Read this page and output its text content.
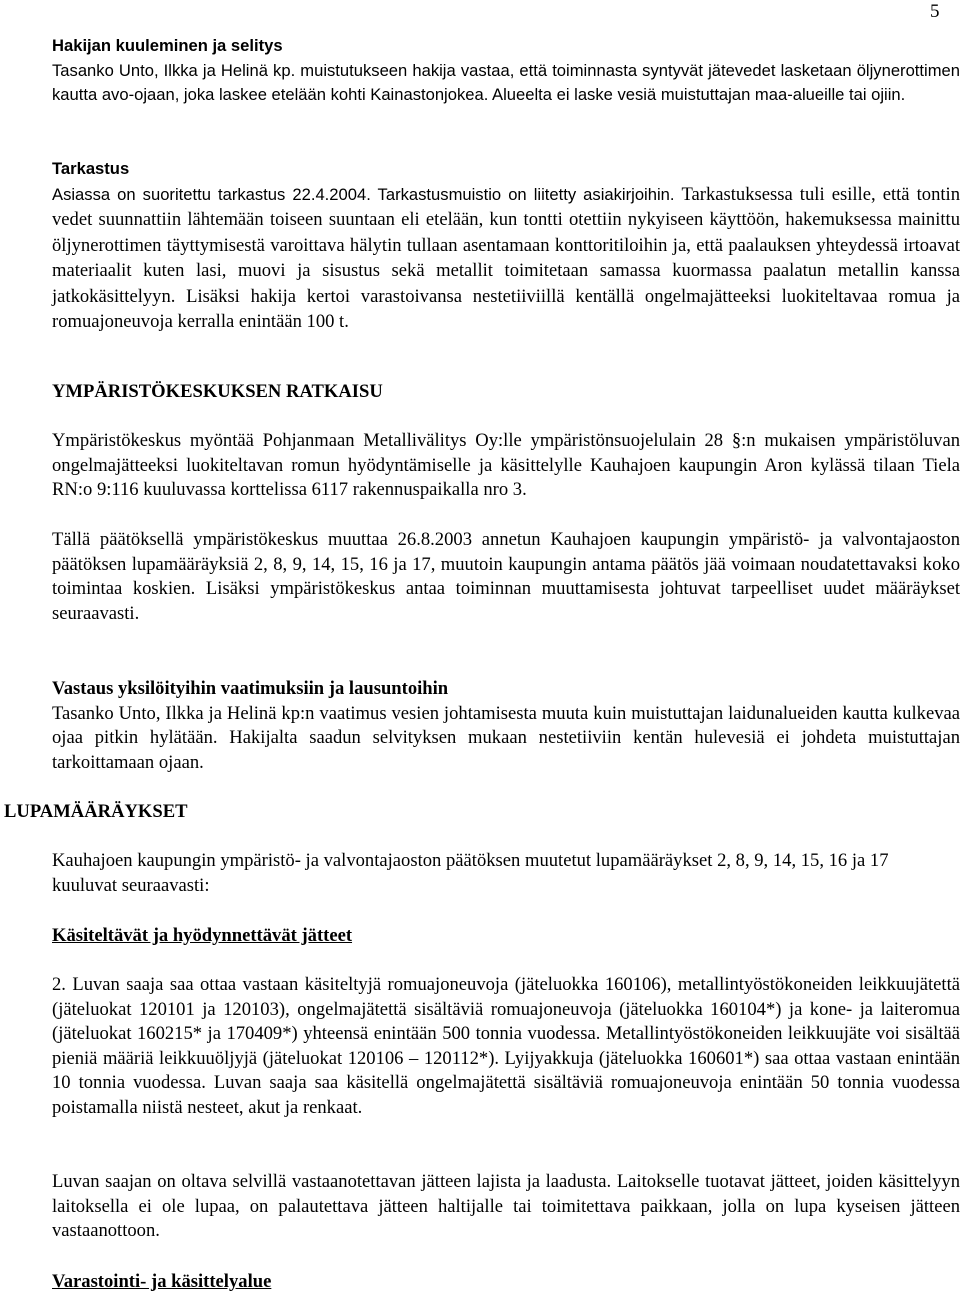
5

Hakijan kuuleminen ja selitys

Tasanko Unto, Ilkka ja Helinä kp. muistutukseen hakija vastaa, että toiminnasta syntyvät jätevedet lasketaan öljynerottimen kautta avo-ojaan, joka laskee etelään kohti Kainastonjokea. Alueelta ei laske vesiä muistuttajan maa-alueille tai ojiin.

Tarkastus

Asiassa on suoritettu tarkastus 22.4.2004. Tarkastusmuistio on liitetty asiakirjoihin. Tarkastuksessa tuli esille, että tontin vedet suunnattiin lähtemään toiseen suuntaan eli etelään, kun tontti otettiin nykyiseen käyttöön, hakemuksessa mainittu öljynerottimen täyttymisestä varoittava hälytin tullaan asentamaan konttoritiloihin ja, että paalauksen yhteydessä irtoavat materiaalit kuten lasi, muovi ja sisustus sekä metallit toimitetaan samassa kuormassa paalatun metallin kanssa jatkokäsittelyyn. Lisäksi hakija kertoi varastoivansa nestetiiviillä kentällä ongelmajätteeksi luokiteltavaa romua ja romuajoneuvoja kerralla enintään 100 t.

YMPÄRISTÖKESKUKSEN RATKAISU

Ympäristökeskus myöntää Pohjanmaan Metallivälitys Oy:lle ympäristönsuojelulain 28 §:n mukaisen ympäristöluvan ongelmajätteeksi luokiteltavan romun hyödyntämiselle ja käsittelylle Kauhajoen kaupungin Aron kylässä tilaan Tiela RN:o 9:116 kuuluvassa korttelissa 6117 rakennuspaikalla nro 3.
Tällä päätöksellä ympäristökeskus muuttaa 26.8.2003 annetun Kauhajoen kaupungin ympäristö- ja valvontajaoston päätöksen lupamääräyksiä 2, 8, 9, 14, 15, 16 ja 17, muutoin kaupungin antama päätös jää voimaan noudatettavaksi koko toimintaa koskien. Lisäksi ympäristökeskus antaa toiminnan muuttamisesta johtuvat tarpeelliset uudet määräykset seuraavasti.

Vastaus yksilöityihin vaatimuksiin ja lausuntoihin

Tasanko Unto, Ilkka ja Helinä kp:n vaatimus vesien johtamisesta muuta kuin muistuttajan laidunalueiden kautta kulkevaa ojaa pitkin hylätään. Hakijalta saadun selvityksen mukaan nestetiiviin kentän hulevesiä ei johdeta muistuttajan tarkoittamaan ojaan.

LUPAMÄÄRÄYKSET

Kauhajoen kaupungin ympäristö- ja valvontajaoston päätöksen muutetut lupamääräykset 2, 8, 9, 14, 15, 16 ja 17 kuuluvat seuraavasti:

Käsiteltävät ja hyödynnettävät jätteet

2. Luvan saaja saa ottaa vastaan käsiteltyjä romuajoneuvoja (jäteluokka 160106), metallintyöstökoneiden leikkuujätettä (jäteluokat 120101 ja 120103), ongelmajätettä sisältäviä romuajoneuvoja (jäteluokka 160104*) ja kone- ja laiteromua (jäteluokat 160215* ja 170409*) yhteensä enintään 500 tonnia vuodessa. Metallintyöstökoneiden leikkuujäte voi sisältää pieniä määriä leikkuuöljyjä (jäteluokat 120106 – 120112*). Lyijyakkuja (jäteluokka 160601*) saa ottaa vastaan enintään 10 tonnia vuodessa. Luvan saaja saa käsitellä ongelmajätettä sisältäviä romuajoneuvoja enintään 50 tonnia vuodessa poistamalla niistä nesteet, akut ja renkaat.
Luvan saajan on oltava selvillä vastaanotettavan jätteen lajista ja laadusta. Laitokselle tuotavat jätteet, joiden käsittelyyn laitoksella ei ole lupaa, on palautettava jätteen haltijalle tai toimitettava paikkaan, jolla on lupa kyseisen jätteen vastaanottoon.

Varastointi- ja käsittelyalue
